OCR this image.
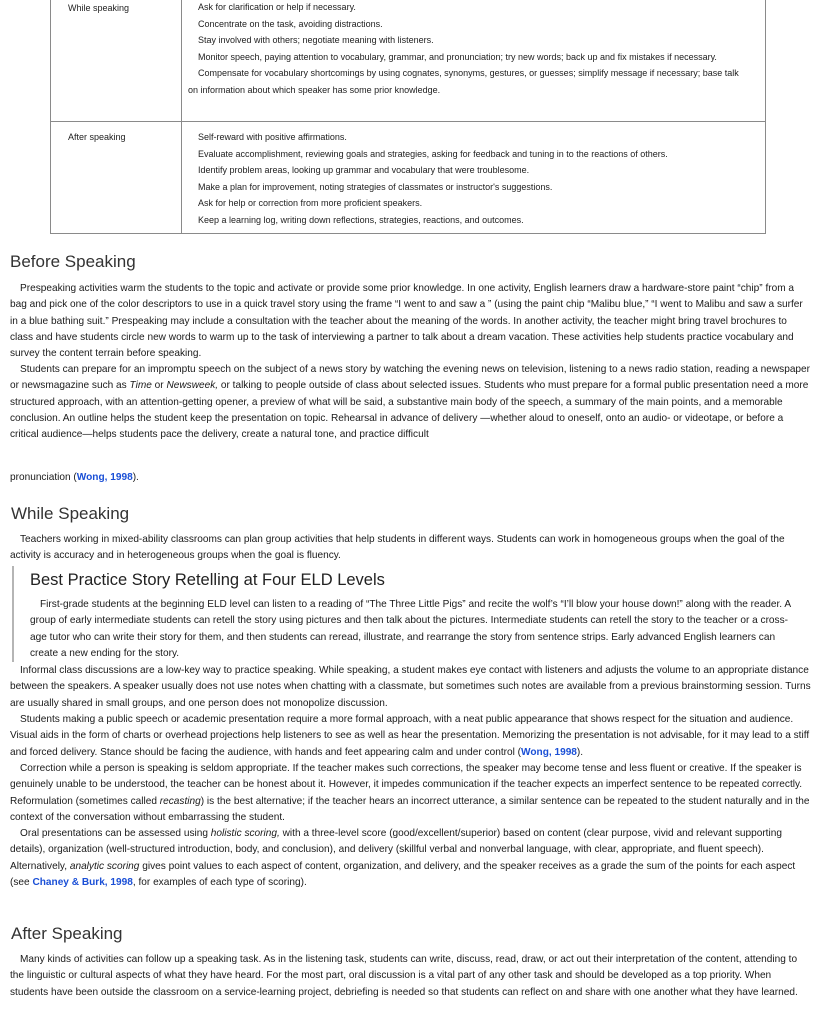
While speaking	Ask for clarification or help if necessary.
Concentrate on the task, avoiding distractions.
Stay involved with others; negotiate meaning with listeners.
Monitor speech, paying attention to vocabulary, grammar, and pronunciation; try new words; back up and fix mistakes if necessary.
Compensate for vocabulary shortcomings by using cognates, synonyms, gestures, or guesses; simplify message if necessary; base talk on information about which speaker has some prior knowledge.
After speaking	Self-reward with positive affirmations.
Evaluate accomplishment, reviewing goals and strategies, asking for feedback and tuning in to the reactions of others.
Identify problem areas, looking up grammar and vocabulary that were troublesome.
Make a plan for improvement, noting strategies of classmates or instructor's suggestions.
Ask for help or correction from more proficient speakers.
Keep a learning log, writing down reflections, strategies, reactions, and outcomes.
Before Speaking

Prespeaking activities warm the students to the topic and activate or provide some prior knowledge. In one activity, English learners draw a hardware-store paint “chip” from a bag and pick one of the color descriptors to use in a quick travel story using the frame “I went to and saw a ” (using the paint chip “Malibu blue,” “I went to Malibu and saw a surfer in a blue bathing suit.” Prespeaking may include a consultation with the teacher about the meaning of the words. In another activity, the teacher might bring travel brochures to class and have students circle new words to warm up to the task of interviewing a partner to talk about a dream vacation. These activities help students practice vocabulary and survey the content terrain before speaking.

Students can prepare for an impromptu speech on the subject of a news story by watching the evening news on television, listening to a news radio station, reading a newspaper or newsmagazine such as Time or Newsweek, or talking to people outside of class about selected issues. Students who must prepare for a formal public presentation need a more structured approach, with an attention-getting opener, a preview of what will be said, a substantive main body of the speech, a summary of the main points, and a memorable conclusion. An outline helps the student keep the presentation on topic. Rehearsal in advance of delivery —whether aloud to oneself, onto an audio- or videotape, or before a critical audience—helps students pace the delivery, create a natural tone, and practice difficult

pronunciation (Wong, 1998).

While Speaking

Teachers working in mixed-ability classrooms can plan group activities that help students in different ways. Students can work in homogeneous groups when the goal of the activity is accuracy and in heterogeneous groups when the goal is fluency.

Best Practice Story Retelling at Four ELD Levels

First-grade students at the beginning ELD level can listen to a reading of “The Three Little Pigs” and recite the wolf’s “I’ll blow your house down!” along with the reader. A group of early intermediate students can retell the story using pictures and then talk about the pictures. Intermediate students can retell the story to the teacher or a cross-age tutor who can write their story for them, and then students can reread, illustrate, and rearrange the story from sentence strips. Early advanced English learners can create a new ending for the story.

Informal class discussions are a low-key way to practice speaking. While speaking, a student makes eye contact with listeners and adjusts the volume to an appropriate distance between the speakers. A speaker usually does not use notes when chatting with a classmate, but sometimes such notes are available from a previous brainstorming session. Turns are usually shared in small groups, and one person does not monopolize discussion.

Students making a public speech or academic presentation require a more formal approach, with a neat public appearance that shows respect for the situation and audience. Visual aids in the form of charts or overhead projections help listeners to see as well as hear the presentation. Memorizing the presentation is not advisable, for it may lead to a stiff and forced delivery. Stance should be facing the audience, with hands and feet appearing calm and under control (Wong, 1998).

Correction while a person is speaking is seldom appropriate. If the teacher makes such corrections, the speaker may become tense and less fluent or creative. If the speaker is genuinely unable to be understood, the teacher can be honest about it. However, it impedes communication if the teacher expects an imperfect sentence to be repeated correctly. Reformulation (sometimes called recasting) is the best alternative; if the teacher hears an incorrect utterance, a similar sentence can be repeated to the student naturally and in the context of the conversation without embarrassing the student.

Oral presentations can be assessed using holistic scoring, with a three-level score (good/excellent/superior) based on content (clear purpose, vivid and relevant supporting details), organization (well-structured introduction, body, and conclusion), and delivery (skillful verbal and nonverbal language, with clear, appropriate, and fluent speech). Alternatively, analytic scoring gives point values to each aspect of content, organization, and delivery, and the speaker receives as a grade the sum of the points for each aspect (see Chaney & Burk, 1998, for examples of each type of scoring).

After Speaking

Many kinds of activities can follow up a speaking task. As in the listening task, students can write, discuss, read, draw, or act out their interpretation of the content, attending to the linguistic or cultural aspects of what they have heard. For the most part, oral discussion is a vital part of any other task and should be developed as a top priority. When students have been outside the classroom on a service-learning project, debriefing is needed so that students can reflect on and share with one another what they have learned.
